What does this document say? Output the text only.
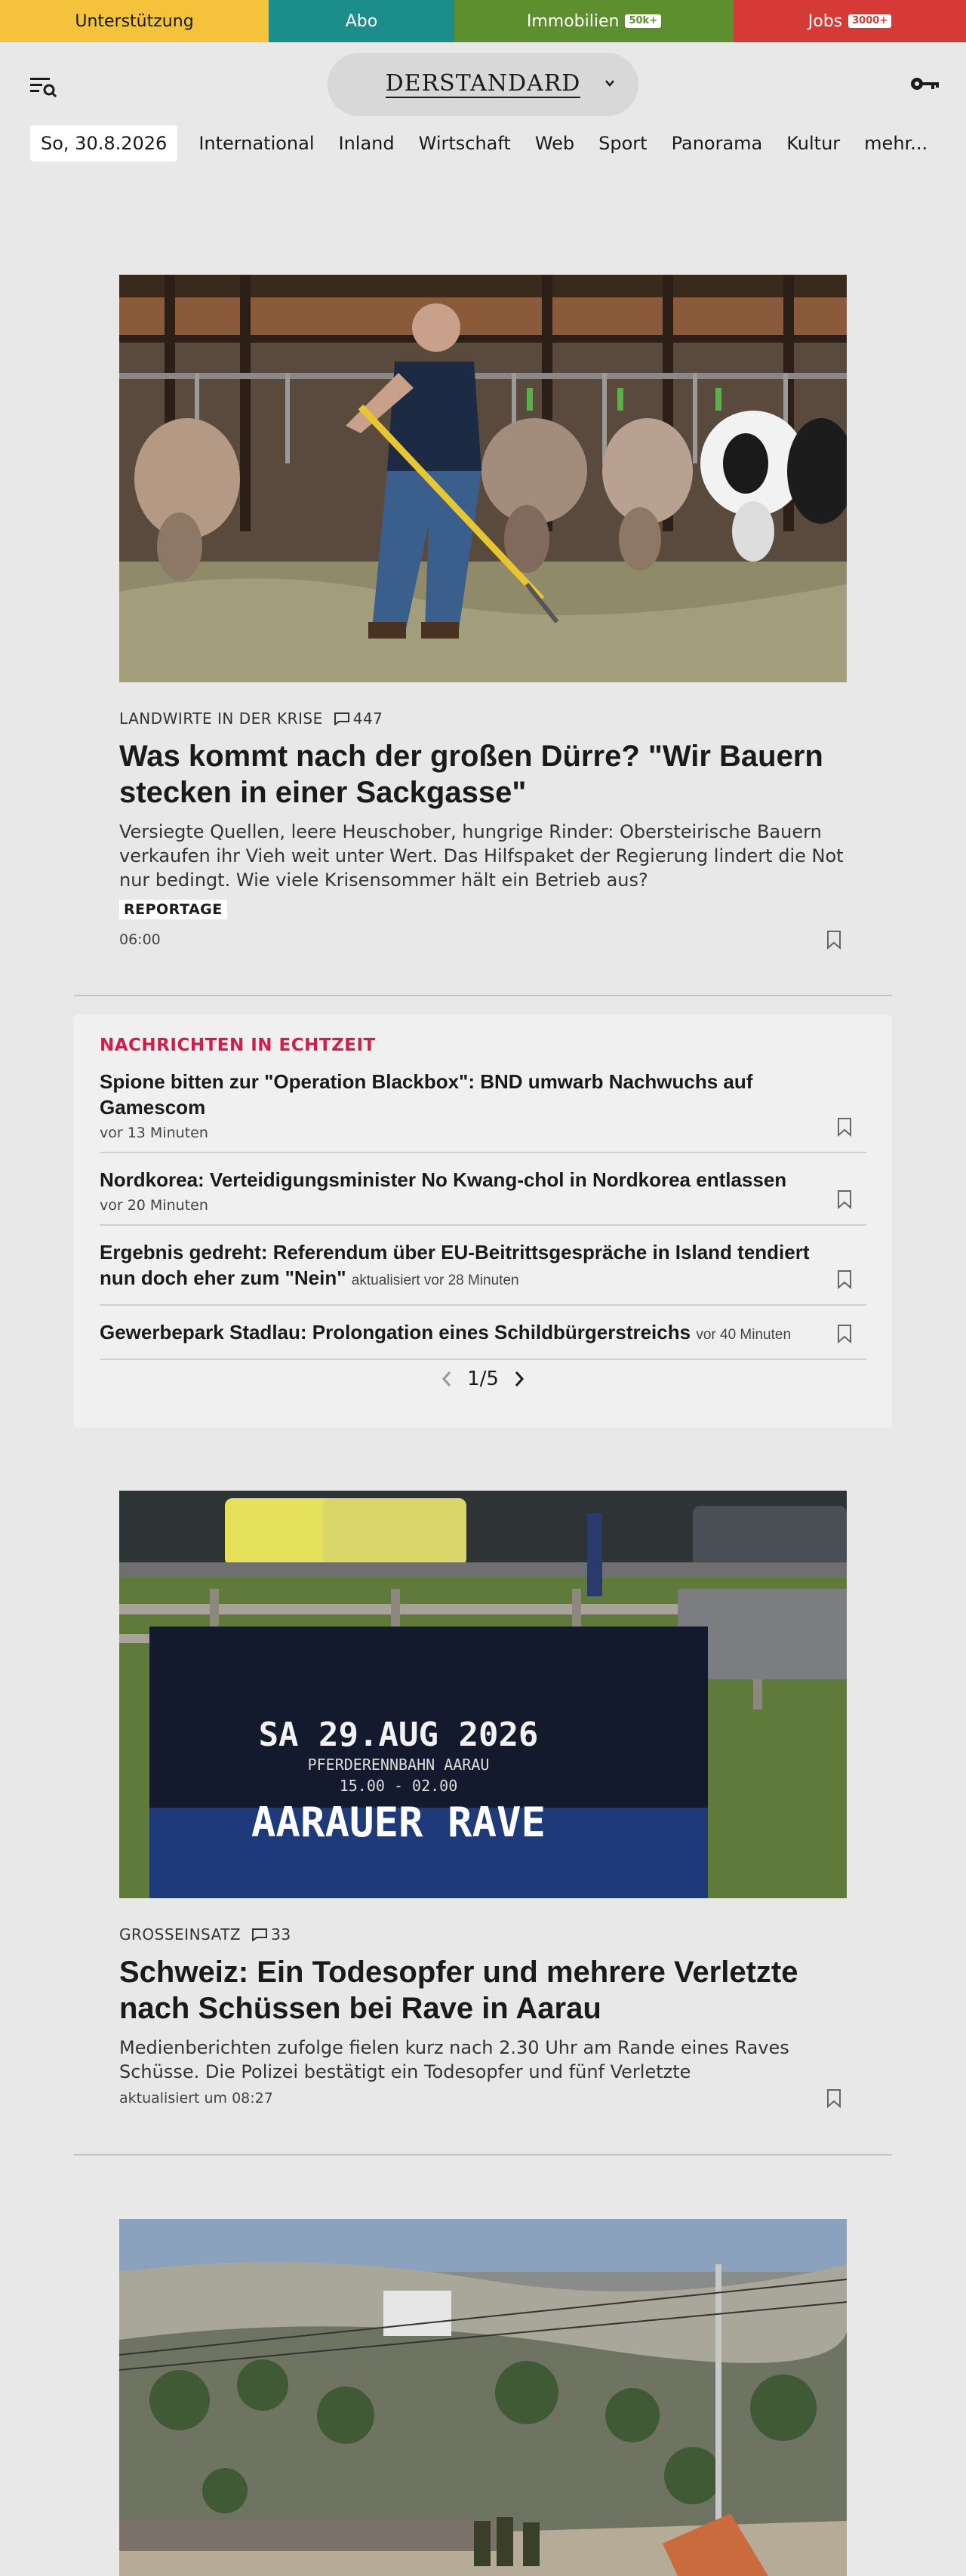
Unterstützung	Abo	Immobilien	50k+	Jobs	3000+
DERSTANDARD
So, 30.8.2026	International Inland Wirtschaft Web Sport Panorama Kultur mehr...
LANDWIRTE IN DER KRISE 447
Was kommt nach der großen Dürre? "Wir Bauern stecken in einer Sackgasse"

Versiegte Quellen, leere Heuschober, hungrige Rinder: Obersteirische Bauern verkaufen ihr Vieh weit unter Wert. Das Hilfspaket der Regierung lindert die Not nur bedingt. Wie viele Krisensommer hält ein Betrieb aus?

REPORTAGE
06:00
NACHRICHTEN IN ECHTZEIT
Spione bitten zur "Operation Blackbox": BND umwarb Nachwuchs auf Gamescom
vor 13 Minuten
Nordkorea: Verteidigungsminister No Kwang-chol in Nordkorea entlassen
vor 20 Minuten
Ergebnis gedreht: Referendum über EU-Beitrittsgespräche in Island tendiert nun doch eher zum "Nein" aktualisiert vor 28 Minuten
Gewerbepark Stadlau: Prolongation eines Schildbürgerstreichs vor 40 Minuten
1/5
SA 29.AUG 2026
PFERDERENNBAHN AARAU
15.00 - 02.00
AARAUER RAVE
GROSSEINSATZ 33
Schweiz: Ein Todesopfer und mehrere Verletzte nach Schüssen bei Rave in Aarau

Medienberichten zufolge fielen kurz nach 2.30 Uhr am Rande eines Raves Schüsse. Die Polizei bestätigt ein Todesopfer und fünf Verletzte

aktualisiert um 08:27
